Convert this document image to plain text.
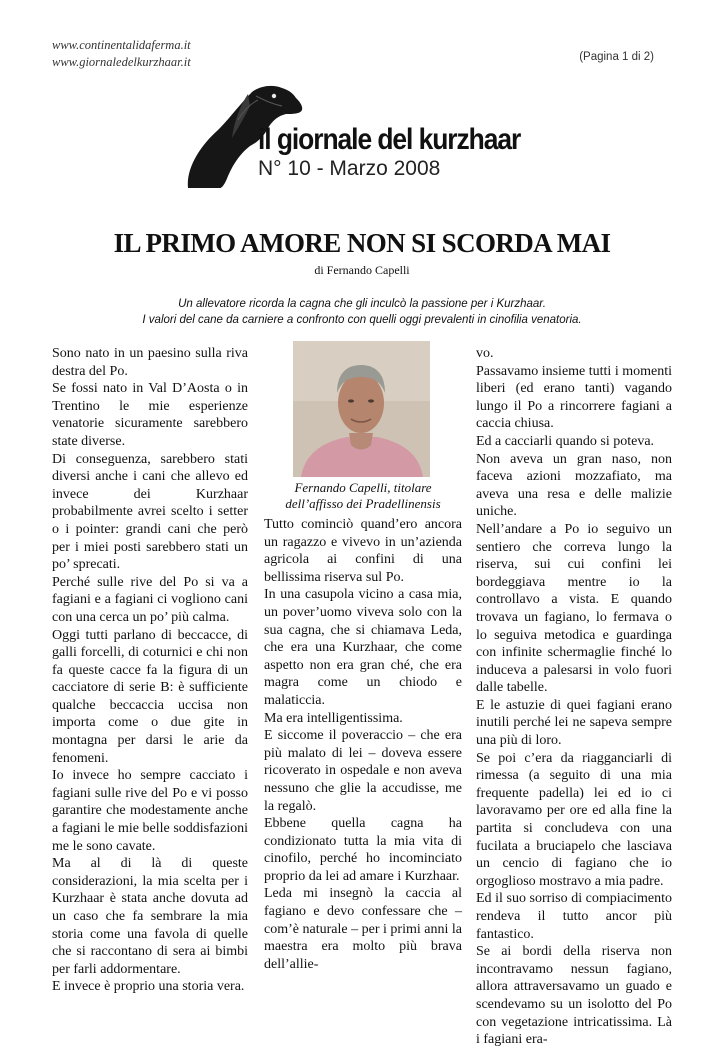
www.continentalidaferma.it
www.giornaledelkurzhaar.it	(Pagina 1 di 2)
il giornale del kurzhaar
N° 10 - Marzo 2008
IL PRIMO AMORE NON SI SCORDA MAI
di Fernando Capelli
Un allevatore ricorda la cagna che gli inculcò la passione per i Kurzhaar.
I valori del cane da carniere a confronto con quelli oggi prevalenti in cinofilia venatoria.

Sono nato in un paesino sulla riva destra del Po.

Se fossi nato in Val D’Aosta o in Trentino le mie esperienze venatorie sicuramente sarebbero state diverse.

Di conseguenza, sarebbero stati diversi anche i cani che allevo ed invece dei Kurzhaar probabilmente avrei scelto i setter o i pointer: grandi cani che però per i miei posti sarebbero stati un po’ sprecati.

Perché sulle rive del Po si va a fagiani e a fagiani ci vogliono cani con una cerca un po’ più calma.

Oggi tutti parlano di beccacce, di galli forcelli, di coturnici e chi non fa queste cacce fa la figura di un cacciatore di serie B: è sufficiente qualche beccaccia uccisa non importa come o due gite in montagna per darsi le arie da fenomeni.

Io invece ho sempre cacciato i fagiani sulle rive del Po e vi posso garantire che modestamente anche a fagiani le mie belle soddisfazioni me le sono cavate.

Ma al di là di queste considerazioni, la mia scelta per i Kurzhaar è stata anche dovuta ad un caso che fa sembrare la mia storia come una favola di quelle che si raccontano di sera ai bimbi per farli addormentare.

E invece è proprio una storia vera.

Fernando Capelli, titolare dell’affisso dei Pradellinensis

Tutto cominciò quand’ero ancora un ragazzo e vivevo in un’azienda agricola ai confini di una bellissima riserva sul Po.

In una casupola vicino a casa mia, un pover’uomo viveva solo con la sua cagna, che si chiamava Leda, che era una Kurzhaar, che come aspetto non era gran ché, che era magra come un chiodo e malaticcia.

Ma era intelligentissima.

E siccome il poveraccio – che era più malato di lei – doveva essere ricoverato in ospedale e non aveva nessuno che glie la accudisse, me la regalò.

Ebbene quella cagna ha condizionato tutta la mia vita di cinofilo, perché ho incominciato proprio da lei ad amare i Kurzhaar.

Leda mi insegnò la caccia al fagiano e devo confessare che – com’è naturale – per i primi anni la maestra era molto più brava dell’allie-

vo.

Passavamo insieme tutti i momenti liberi (ed erano tanti) vagando lungo il Po a rincorrere fagiani a caccia chiusa.

Ed a cacciarli quando si poteva.

Non aveva un gran naso, non faceva azioni mozzafiato, ma aveva una resa e delle malizie uniche.

Nell’andare a Po io seguivo un sentiero che correva lungo la riserva, sui cui confini lei bordeggiava mentre io la controllavo a vista. E quando trovava un fagiano, lo fermava o lo seguiva metodica e guardinga con infinite schermaglie finché lo induceva a palesarsi in volo fuori dalle tabelle.

E le astuzie di quei fagiani erano inutili perché lei ne sapeva sempre una più di loro.

Se poi c’era da riagganciarli di rimessa (a seguito di una mia frequente padella) lei ed io ci lavoravamo per ore ed alla fine la partita si concludeva con una fucilata a bruciapelo che lasciava un cencio di fagiano che io orgoglioso mostravo a mia padre.

Ed il suo sorriso di compiacimento rendeva il tutto ancor più fantastico.

Se ai bordi della riserva non incontravamo nessun fagiano, allora attraversavamo un guado e scendevamo su un isolotto del Po con vegetazione intricatissima. Là i fagiani era-
